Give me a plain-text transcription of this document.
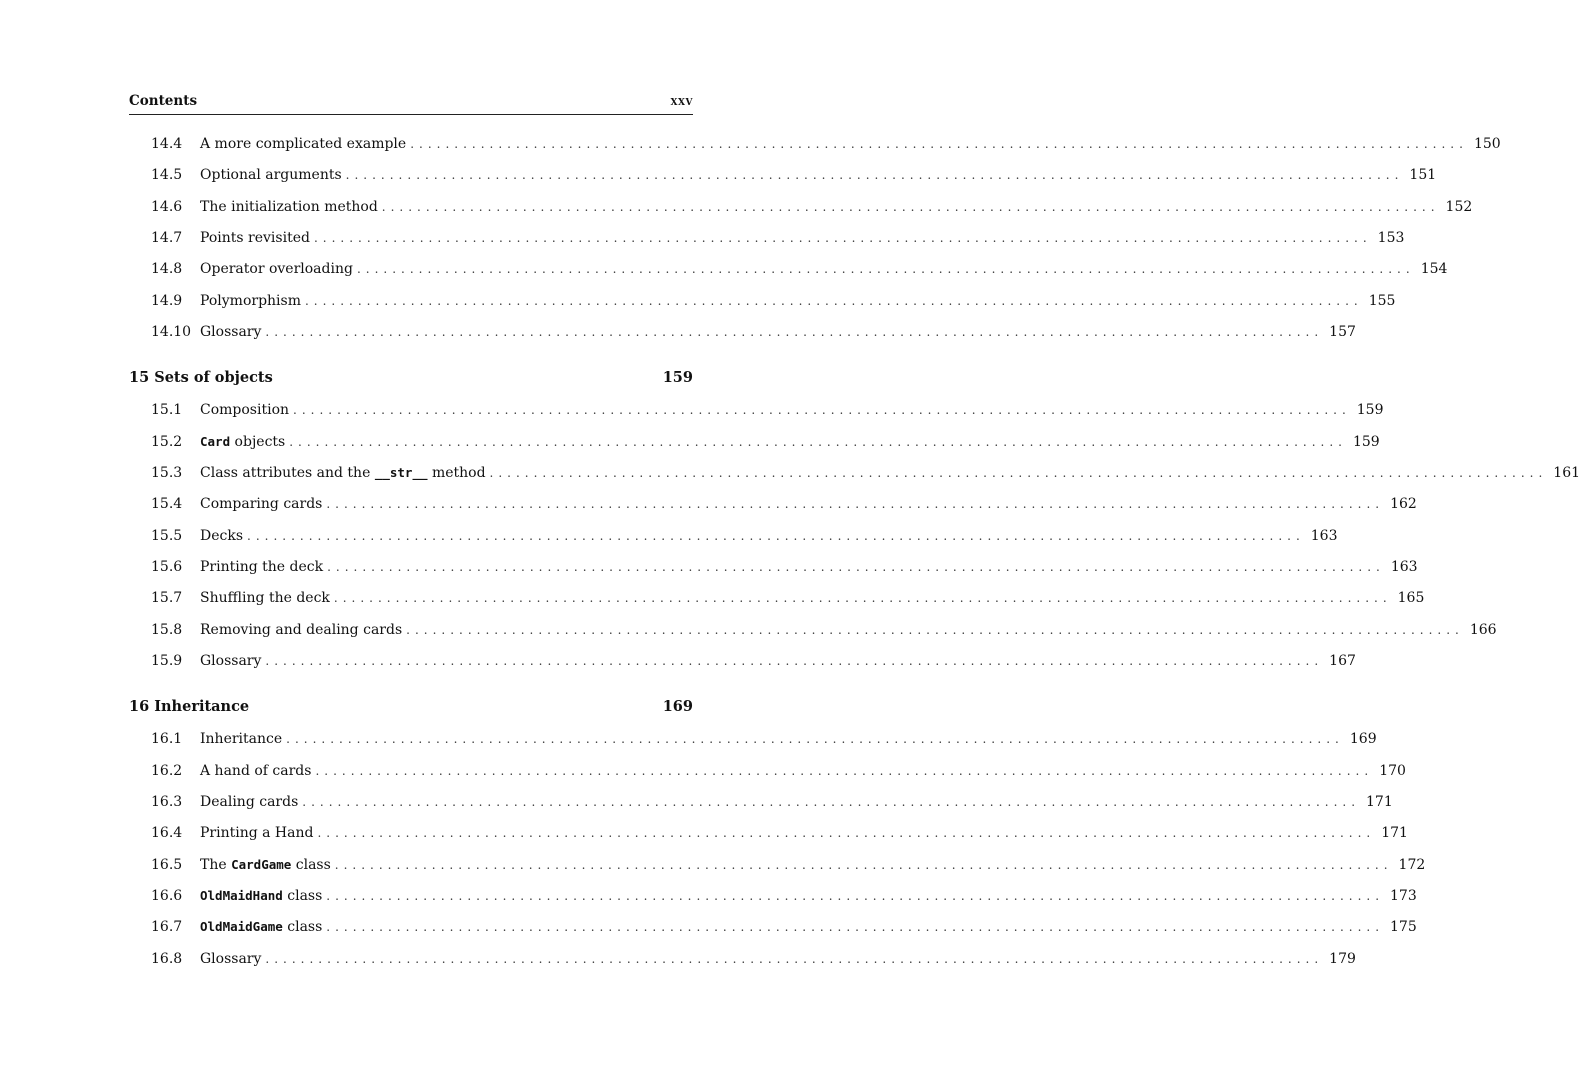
Contents	xxv
14.4 A more complicated example ........................................................................................................................ 150
14.5 Optional arguments ........................................................................................................................ 151
14.6 The initialization method ........................................................................................................................ 152
14.7 Points revisited ........................................................................................................................ 153
14.8 Operator overloading ........................................................................................................................ 154
14.9 Polymorphism ........................................................................................................................ 155
14.10 Glossary ........................................................................................................................ 157
15 Sets of objects	159
15.1 Composition ........................................................................................................................ 159
15.2 Card objects ........................................................................................................................ 159
15.3 Class attributes and the __str__ method ........................................................................................................................ 161
15.4 Comparing cards ........................................................................................................................ 162
15.5 Decks ........................................................................................................................ 163
15.6 Printing the deck ........................................................................................................................ 163
15.7 Shuffling the deck ........................................................................................................................ 165
15.8 Removing and dealing cards ........................................................................................................................ 166
15.9 Glossary ........................................................................................................................ 167
16 Inheritance	169
16.1 Inheritance ........................................................................................................................ 169
16.2 A hand of cards ........................................................................................................................ 170
16.3 Dealing cards ........................................................................................................................ 171
16.4 Printing a Hand ........................................................................................................................ 171
16.5 The CardGame class ........................................................................................................................ 172
16.6 OldMaidHand class ........................................................................................................................ 173
16.7 OldMaidGame class ........................................................................................................................ 175
16.8 Glossary ........................................................................................................................ 179
